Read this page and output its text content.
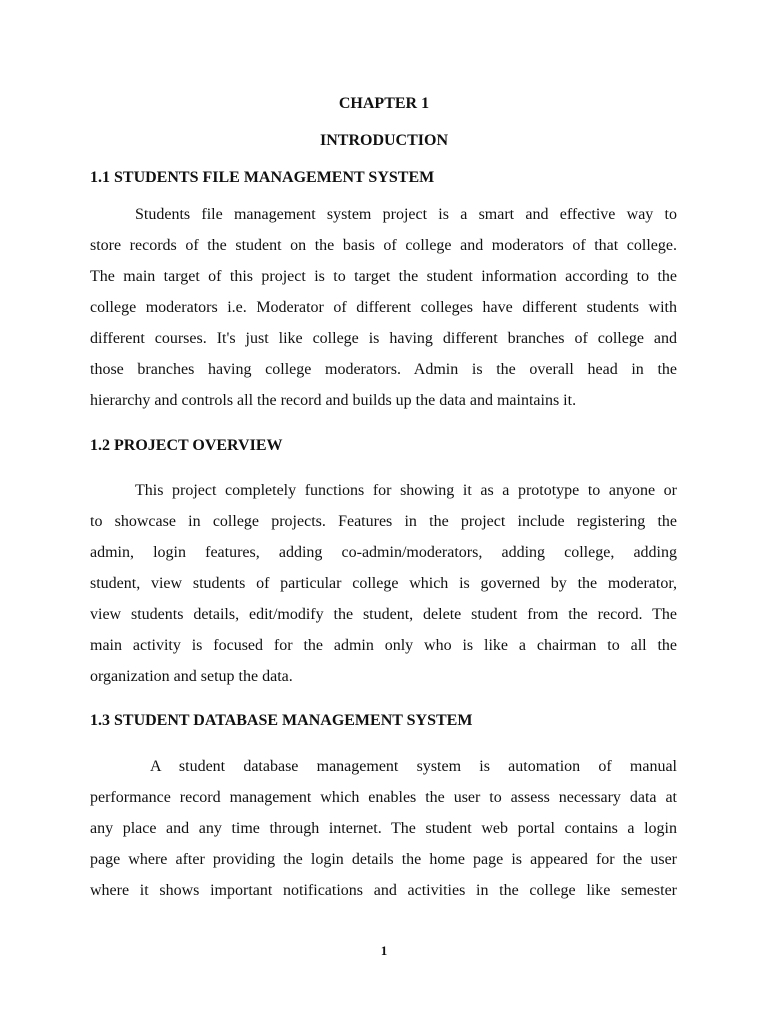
CHAPTER 1
INTRODUCTION
1.1 STUDENTS FILE MANAGEMENT SYSTEM
Students file management system project is a smart and effective way to
store records of the student on the basis of college and moderators of that college.
The main target of this project is to target the student information according to the
college moderators i.e. Moderator of different colleges have different students with
different courses. It's just like college is having different branches of college and
those branches having college moderators. Admin is the overall head in the
hierarchy and controls all the record and builds up the data and maintains it.
1.2 PROJECT OVERVIEW
This project completely functions for showing it as a prototype to anyone or
to showcase in college projects. Features in the project include registering the
admin, login features, adding co-admin/moderators, adding college, adding
student, view students of particular college which is governed by the moderator,
view students details, edit/modify the student, delete student from the record. The
main activity is focused for the admin only who is like a chairman to all the
organization and setup the data.
1.3 STUDENT DATABASE MANAGEMENT SYSTEM
A student database management system is automation of manual
performance record management which enables the user to assess necessary data at
any place and any time through internet. The student web portal contains a login
page where after providing the login details the home page is appeared for the user
where it shows important notifications and activities in the college like semester
1
